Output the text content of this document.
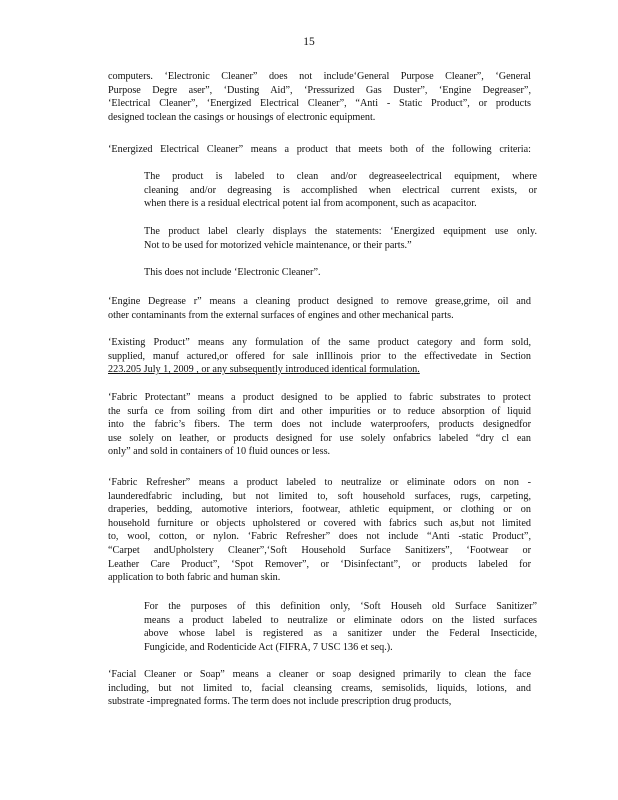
15

computers. ‘Electronic Cleaner” does not include‘General Purpose Cleaner”, ‘General
Purpose Degre aser”, ‘Dusting Aid”, ‘Pressurized Gas Duster”, ‘Engine Degreaser”,
‘Electrical Cleaner”, ‘Energized Electrical Cleaner”, “Anti - Static Product”, or products
designed toclean the casings or housings of electronic equipment.

‘Energized Electrical Cleaner” means a product that meets both of the following criteria:

The product is labeled to clean and/or degreaseelectrical equipment, where
cleaning and/or degreasing is accomplished when electrical current exists, or
when there is a residual electrical potent ial from acomponent, such as acapacitor.

The product label clearly displays the statements: ‘Energized equipment use only.
Not to be used for motorized vehicle maintenance, or their parts.”

This does not include ‘Electronic Cleaner”.

‘Engine Degrease r” means a cleaning product designed to remove grease,grime, oil and
other contaminants from the external surfaces of engines and other mechanical parts.

‘Existing Product” means any formulation of the same product category and form sold,
supplied, manuf actured,or offered for sale inIllinois prior to the effectivedate in Section
223.205 July 1, 2009 , or any subsequently introduced identical formulation.

‘Fabric Protectant” means a product designed to be applied to fabric substrates to protect
the surfa ce from soiling from dirt and other impurities or to reduce absorption of liquid
into the fabric’s fibers. The term does not include waterproofers, products designedfor
use solely on leather, or products designed for use solely onfabrics labeled “dry cl ean
only” and sold in containers of 10 fluid ounces or less.

‘Fabric Refresher” means a product labeled to neutralize or eliminate odors on non -
launderedfabric including, but not limited to, soft household surfaces, rugs, carpeting,
draperies, bedding, automotive interiors, footwear, athletic equipment, or clothing or on
household furniture or objects upholstered or covered with fabrics such as,but not limited
to, wool, cotton, or nylon. ‘Fabric Refresher” does not include “Anti -static Product”,
“Carpet andUpholstery Cleaner”,‘Soft Household Surface Sanitizers”, ‘Footwear or
Leather Care Product”, ‘Spot Remover”, or ‘Disinfectant”, or products labeled for
application to both fabric and human skin.

For the purposes of this definition only, ‘Soft Househ old Surface Sanitizer”
means a product labeled to neutralize or eliminate odors on the listed surfaces
above whose label is registered as a sanitizer under the Federal Insecticide,
Fungicide, and Rodenticide Act (FIFRA, 7 USC 136 et seq.).

‘Facial Cleaner or Soap” means a cleaner or soap designed primarily to clean the face
including, but not limited to, facial cleansing creams, semisolids, liquids, lotions, and
substrate -impregnated forms. The term does not include prescription drug products,
